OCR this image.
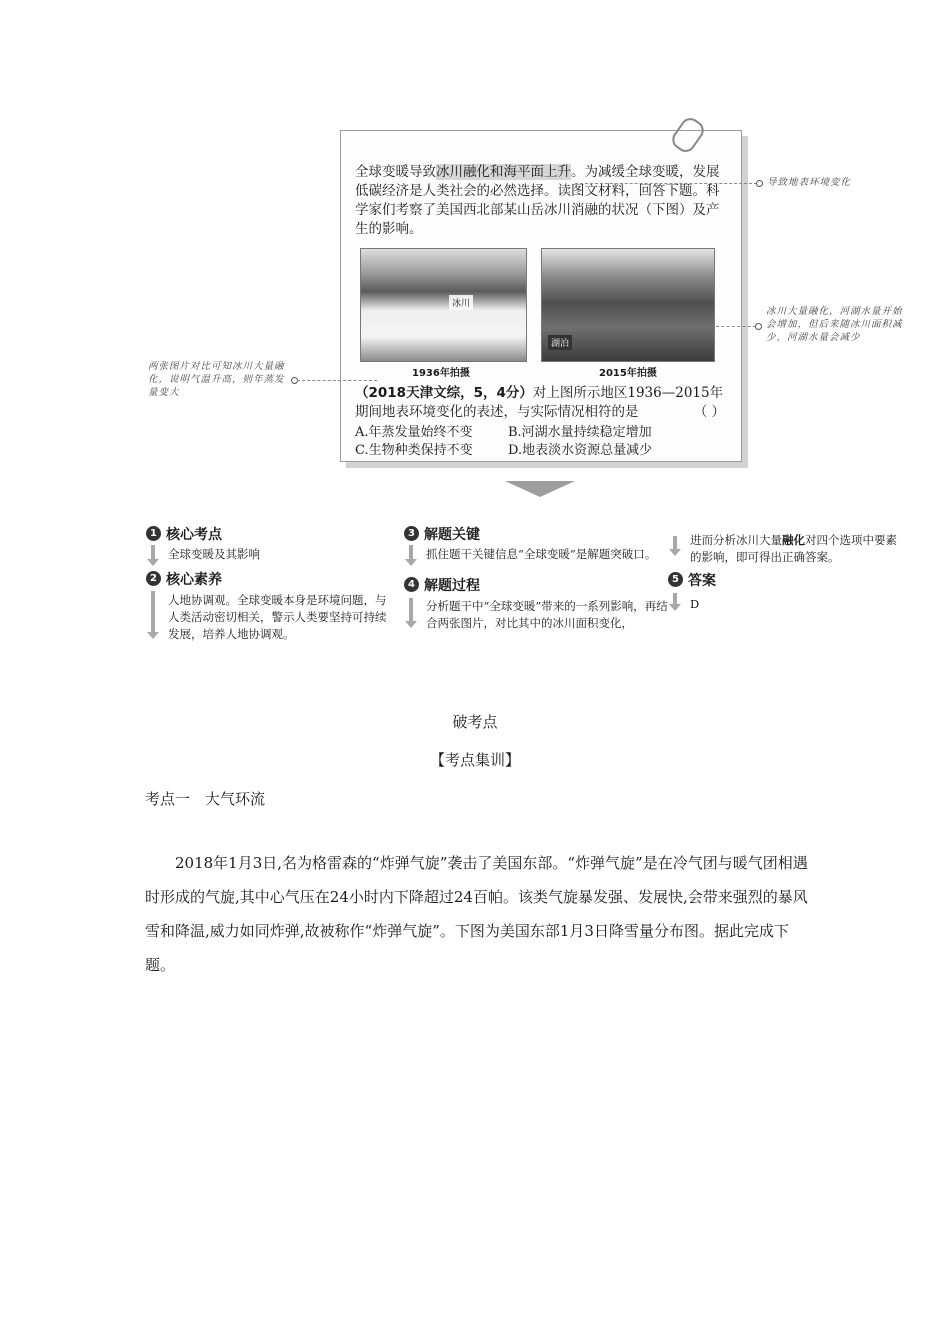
全球变暖导致冰川融化和海平面上升。为减缓全球变暖，发展低碳经济是人类社会的必然选择。读图文材料，回答下题。科学家们考察了美国西北部某山岳冰川消融的状况（下图）及产生的影响。
冰川
湖泊
1936年拍摄	2015年拍摄
（2018天津文综，5，4分）对上图所示地区1936—2015年期间地表环境变化的表述，与实际情况相符的是	（ ）
A.年蒸发量始终不变	B.河湖水量持续稳定增加
C.生物种类保持不变	D.地表淡水资源总量减少
导致地表环境变化
冰川大量融化，河湖水量开始会增加，但后来随冰川面积减少，河湖水量会减少
两张图片对比可知冰川大量融化，说明气温升高，则年蒸发量变大
1 核心考点
全球变暖及其影响
2 核心素养
人地协调观。全球变暖本身是环境问题，与人类活动密切相关，警示人类要坚持可持续发展，培养人地协调观。
3 解题关键
抓住题干关键信息“全球变暖”是解题突破口。
4 解题过程
分析题干中“全球变暖”带来的一系列影响，再结合两张图片，对比其中的冰川面积变化，
进而分析冰川大量融化对四个选项中要素的影响，即可得出正确答案。
5 答案
D
破考点
【考点集训】
考点一　大气环流
2018年1月3日,名为格雷森的“炸弹气旋”袭击了美国东部。“炸弹气旋”是在冷气团与暖气团相遇时形成的气旋,其中心气压在24小时内下降超过24百帕。该类气旋暴发强、发展快,会带来强烈的暴风雪和降温,威力如同炸弹,故被称作“炸弹气旋”。下图为美国东部1月3日降雪量分布图。据此完成下题。
